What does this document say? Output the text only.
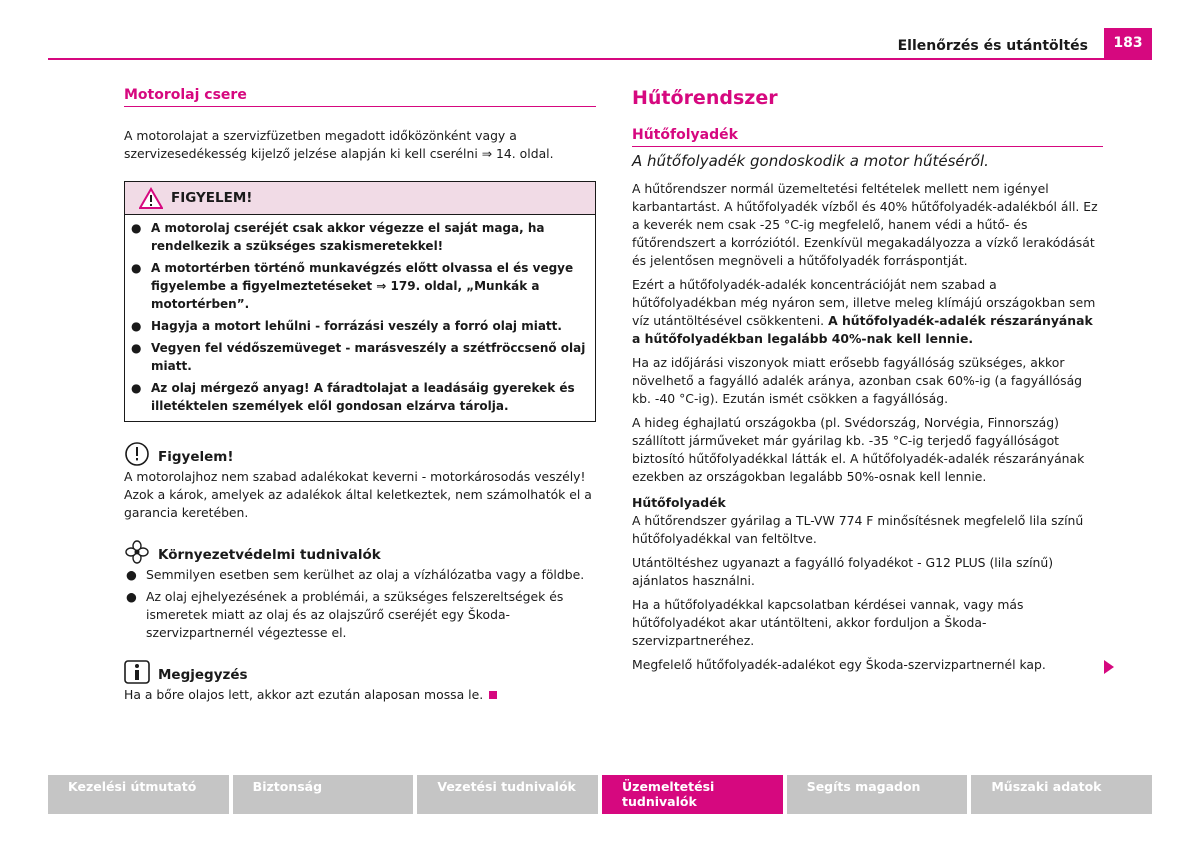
Ellenőrzés és utántöltés	183
Motorolaj csere

A motorolajat a szervizfüzetben megadott időközönként vagy a szervizesedékesség kijelző jelzése alapján ki kell cserélni ⇒ 14. oldal.

FIGYELEM!
● A motorolaj cseréjét csak akkor végezze el saját maga, ha rendelkezik a szükséges szakismeretekkel!
● A motortérben történő munkavégzés előtt olvassa el és vegye figyelembe a figyelmeztetéseket ⇒ 179. oldal, „Munkák a motortérben”.
● Hagyja a motort lehűlni - forrázási veszély a forró olaj miatt.
● Vegyen fel védőszemüveget - marásveszély a szétfröccsenő olaj miatt.
● Az olaj mérgező anyag! A fáradtolajat a leadásáig gyerekek és illetéktelen személyek elől gondosan elzárva tárolja.
Figyelem!

A motorolajhoz nem szabad adalékokat keverni - motorkárosodás veszély! Azok a károk, amelyek az adalékok által keletkeztek, nem számolhatók el a garancia keretében.

Környezetvédelmi tudnivalók
● Semmilyen esetben sem kerülhet az olaj a vízhálózatba vagy a földbe.
● Az olaj ejhelyezésének a problémái, a szükséges felszereltségek és ismeretek miatt az olaj és az olajszűrő cseréjét egy Škoda-szervizpartnernél végeztesse el.
Megjegyzés

Ha a bőre olajos lett, akkor azt ezután alaposan mossa le.

Hűtőrendszer
Hűtőfolyadék
A hűtőfolyadék gondoskodik a motor hűtéséről.

A hűtőrendszer normál üzemeltetési feltételek mellett nem igényel karbantartást. A hűtőfolyadék vízből és 40% hűtőfolyadék-adalékból áll. Ez a keverék nem csak -25 °C-ig megfelelő, hanem védi a hűtő- és fűtőrendszert a korróziótól. Ezenkívül megakadályozza a vízkő lerakódását és jelentősen megnöveli a hűtőfolyadék forráspontját.

Ezért a hűtőfolyadék-adalék koncentrációját nem szabad a hűtőfolyadékban még nyáron sem, illetve meleg klímájú országokban sem víz utántöltésével csökkenteni. A hűtőfolyadék-adalék részarányának a hűtőfolyadékban legalább 40%-nak kell lennie.

Ha az időjárási viszonyok miatt erősebb fagyállóság szükséges, akkor növelhető a fagyálló adalék aránya, azonban csak 60%-ig (a fagyállóság kb. -40 °C-ig). Ezután ismét csökken a fagyállóság.

A hideg éghajlatú országokba (pl. Svédország, Norvégia, Finnország) szállított járműveket már gyárilag kb. -35 °C-ig terjedő fagyállóságot biztosító hűtőfolyadékkal látták el. A hűtőfolyadék-adalék részarányának ezekben az országokban legalább 50%-osnak kell lennie.

Hűtőfolyadék

A hűtőrendszer gyárilag a TL-VW 774 F minősítésnek megfelelő lila színű hűtőfolyadékkal van feltöltve.

Utántöltéshez ugyanazt a fagyálló folyadékot - G12 PLUS (lila színű) ajánlatos használni.

Ha a hűtőfolyadékkal kapcsolatban kérdései vannak, vagy más hűtőfolyadékot akar utántölteni, akkor forduljon a Škoda-szervizpartneréhez.

Megfelelő hűtőfolyadék-adalékot egy Škoda-szervizpartnernél kap.

Kezelési útmutató	Biztonság	Vezetési tudnivalók	Üzemeltetési tudnivalók
Segíts magadon	Műszaki adatok
